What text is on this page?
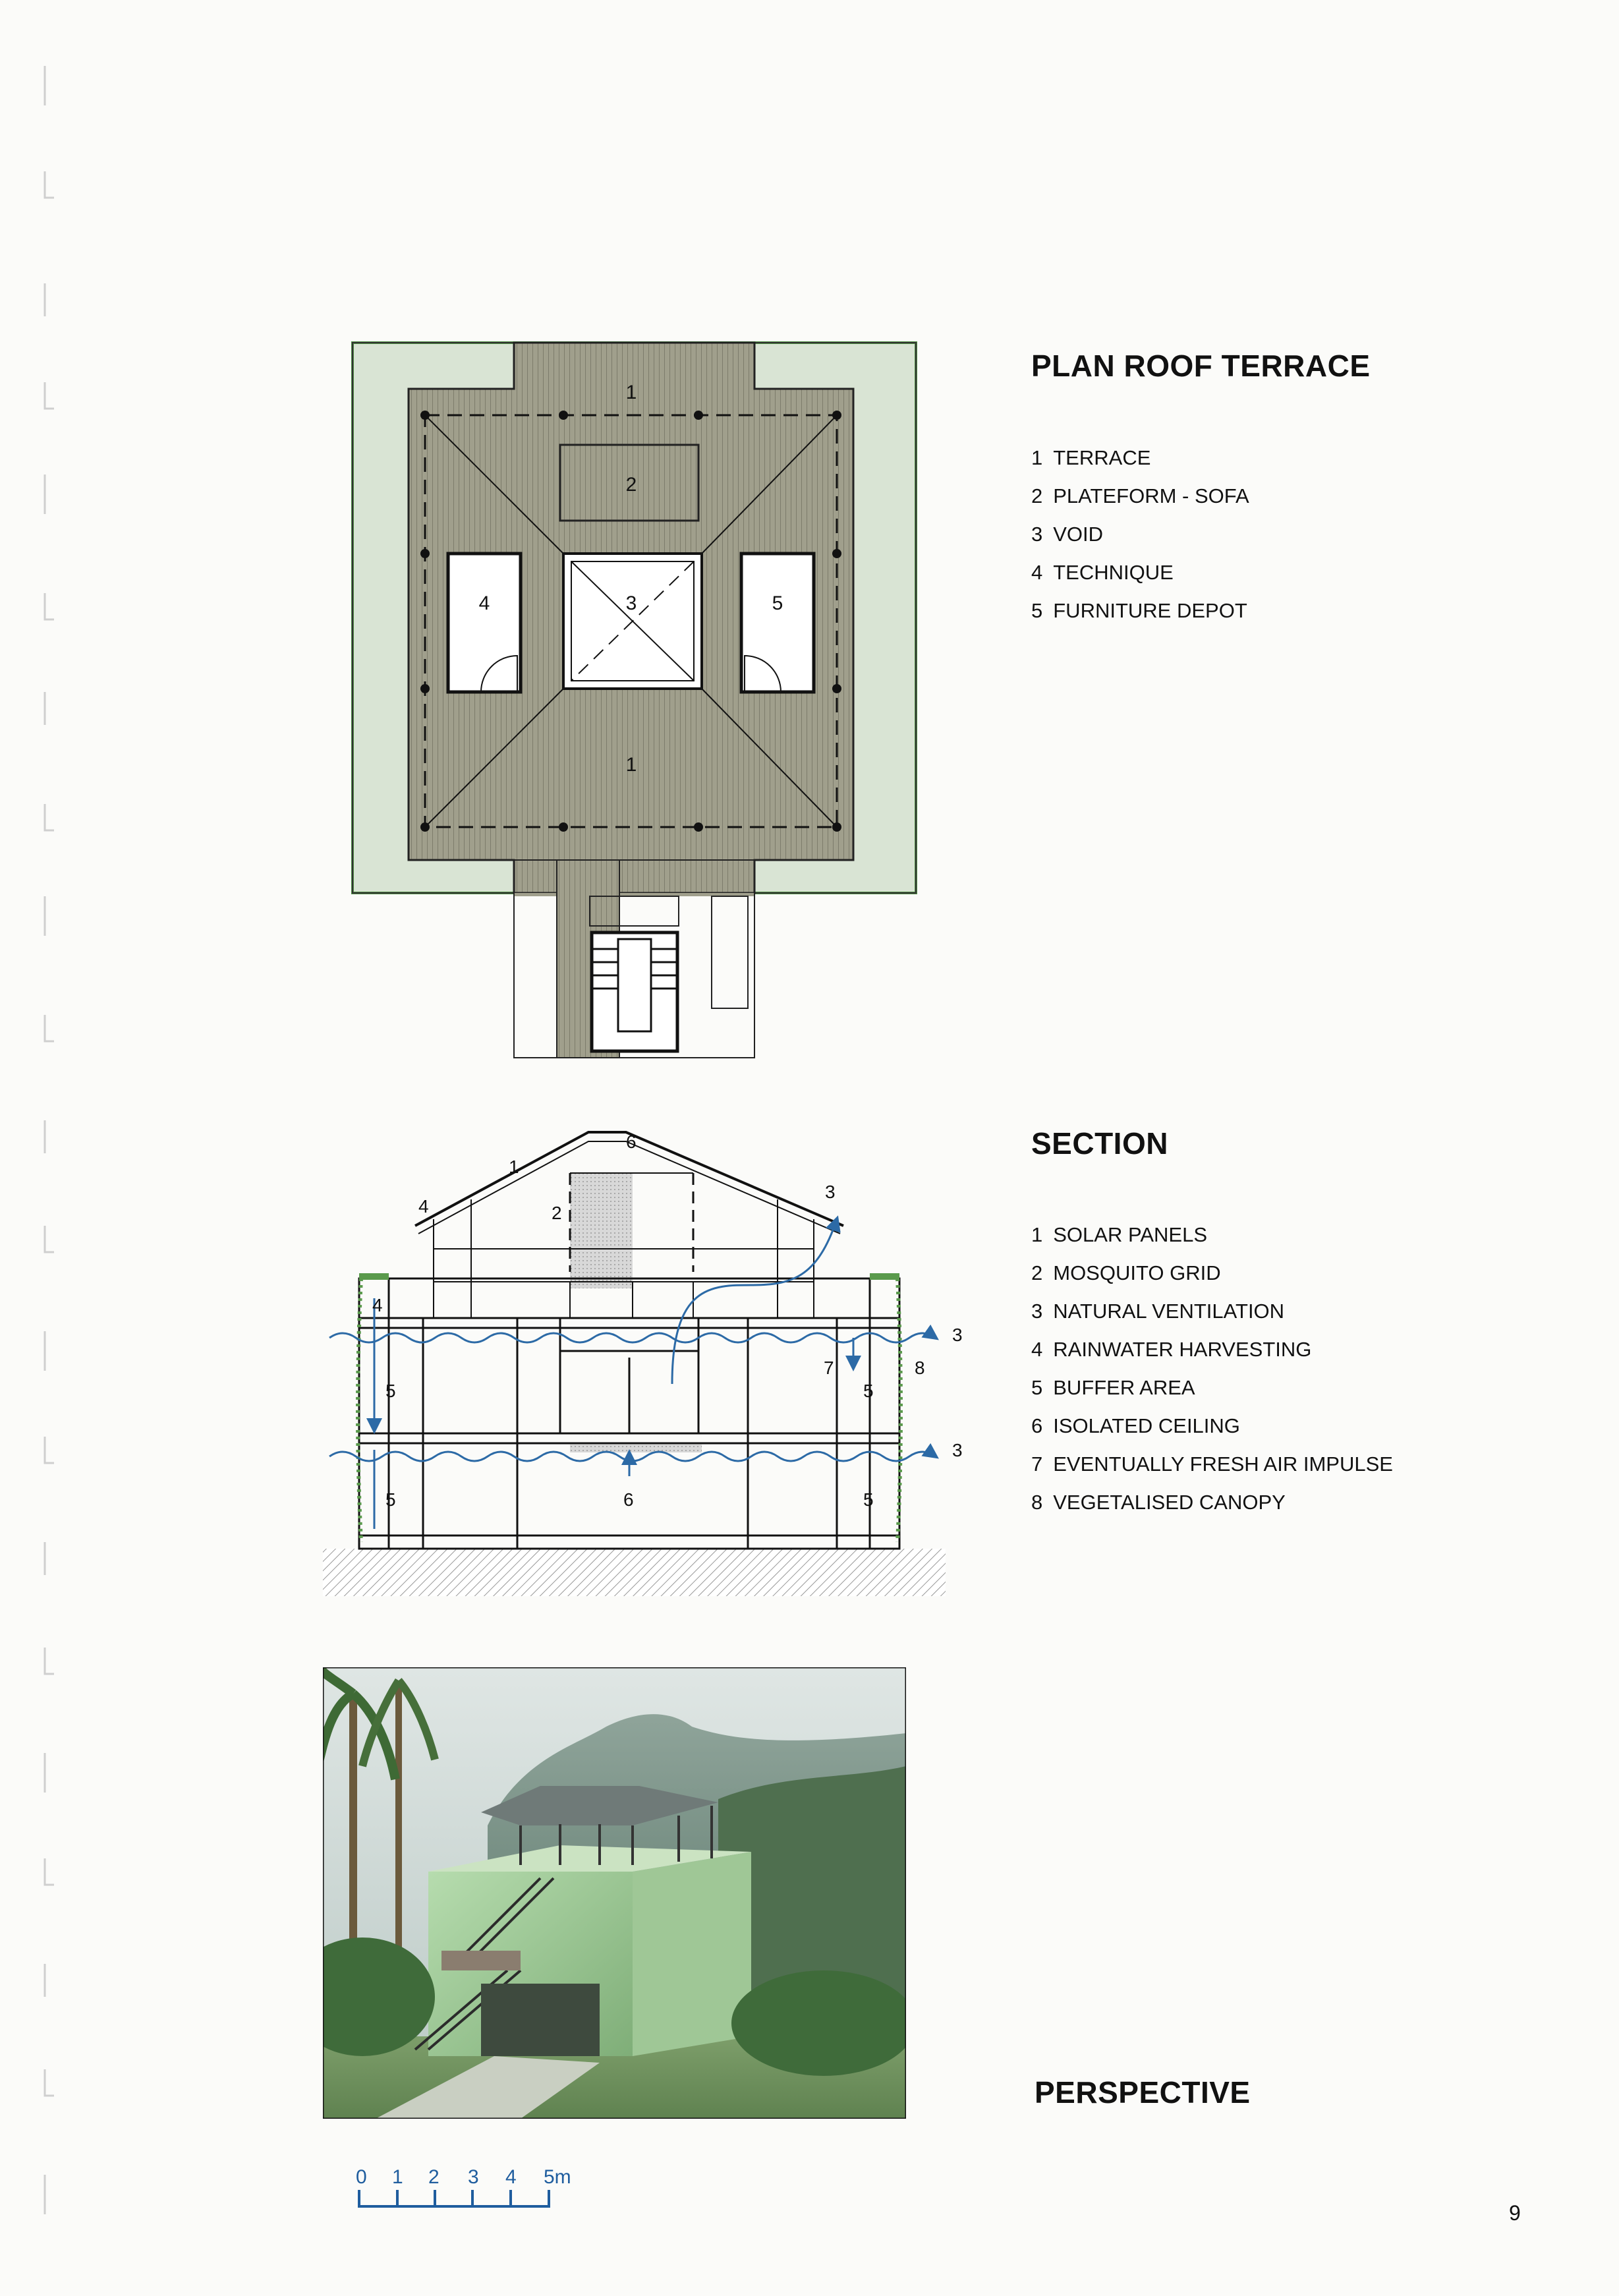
1
2
3
4	5
1
PLAN ROOF TERRACE
1 TERRACE
2 PLATEFORM - SOFA
3 VOID
4 TECHNIQUE
5 FURNITURE DEPOT
1
2
3
4
6
4
5
5
5
5
6
7	8
3
3
SECTION
1 SOLAR PANELS
2 MOSQUITO GRID
3 NATURAL VENTILATION
4 RAINWATER HARVESTING
5 BUFFER AREA
6 ISOLATED CEILING
7 EVENTUALLY FRESH AIR IMPULSE
8 VEGETALISED CANOPY
PERSPECTIVE
0 1 2 3 4 5m
9
